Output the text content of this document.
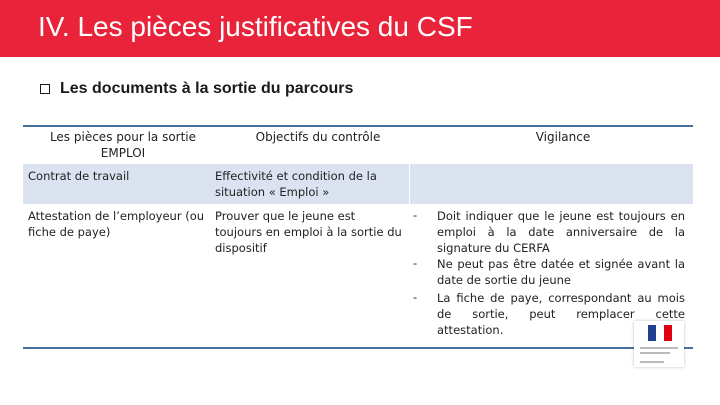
IV. Les pièces justificatives du CSF
Les documents à la sortie du parcours
Les pièces pour la sortie EMPLOI
Objectifs du contrôle	Vigilance
Contrat de travail	Effectivité et condition de la situation « Emploi »
Attestation de l’employeur (ou fiche de paye)
Prouver que le jeune est toujours en emploi à la sortie du dispositif
- Doit indiquer que le jeune est toujours en emploi à la date anniversaire de la signature du CERFA
- Ne peut pas être datée et signée avant la date de sortie du jeune
- La fiche de paye, correspondant au mois de sortie, peut remplacer cette attestation.
